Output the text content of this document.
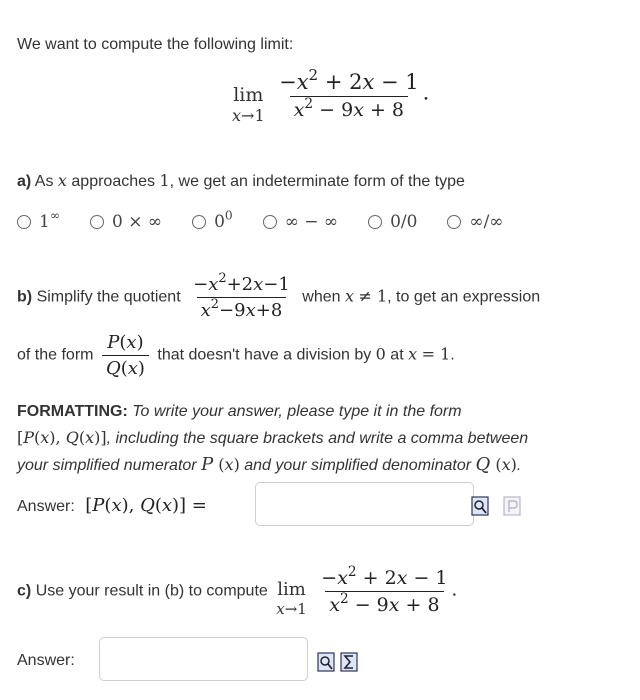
We want to compute the following limit:
lim
x→1
$\frac{-x^2 + 2x - 1}{x^2 - 9x + 8}$ .
a) As x approaches 1, we get an indeterminate form of the type
1∞	0 × ∞	$0^0$	∞ − ∞	0/0	∞/∞
b) Simplify the quotient $\frac{-x^2+2x-1}{x^2-9x+8}$ when x ≠ 1, to get an expression
of the form $\frac{P(x)}{Q(x)}$ that doesn't have a division by 0 at x = 1.
FORMATTING: To write your answer, please type it in the form
[P(x), Q(x)], including the square brackets and write a comma between
your simplified numerator P (x) and your simplified denominator Q (x).
Answer: [P(x), Q(x)] =
c) Use your result in (b) to compute lim
x→1
$\frac{-x^2 + 2x - 1}{x^2 - 9x + 8}$ .
Answer:
